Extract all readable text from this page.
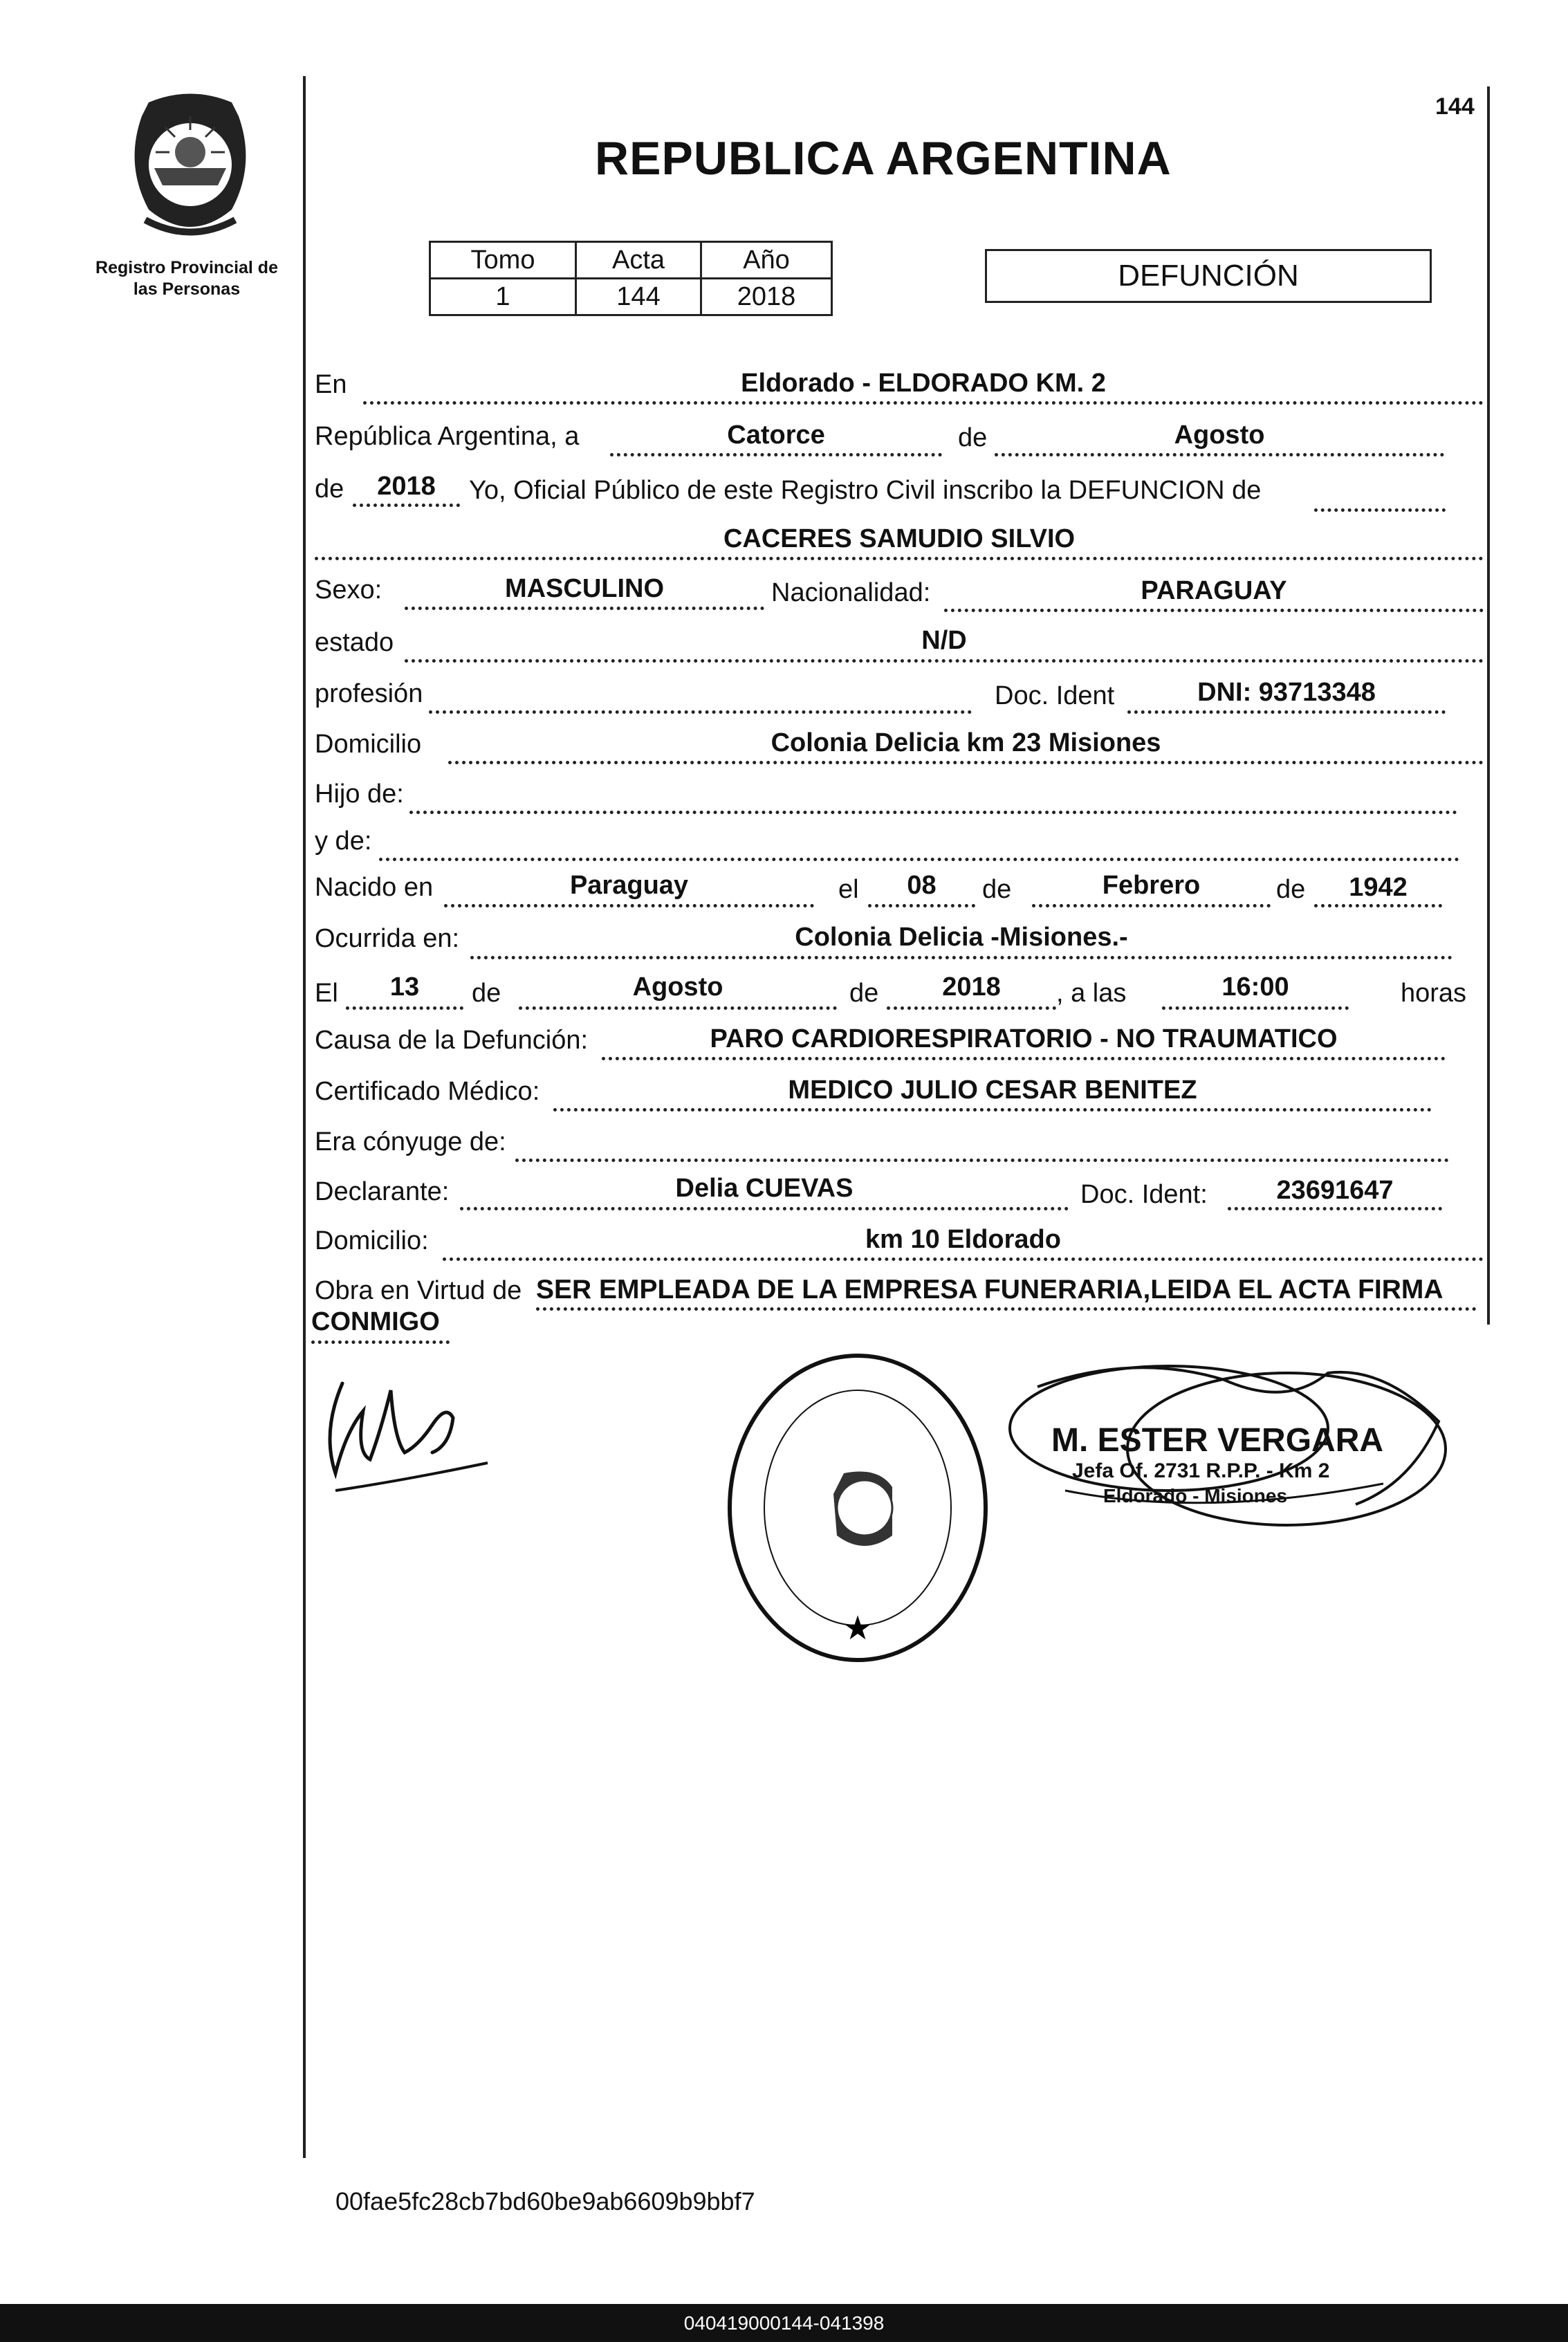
Registro Provincial de
las Personas
144
REPUBLICA ARGENTINA
Tomo	Acta	Año
1	144	2018
DEFUNCIÓN
En	Eldorado - ELDORADO KM. 2
República Argentina, a	Catorce	de	Agosto
de	2018	Yo, Oficial Público de este Registro Civil inscribo la DEFUNCION de
CACERES SAMUDIO SILVIO
Sexo:	MASCULINO	Nacionalidad:	PARAGUAY
estado	N/D
profesión	Doc. Ident	DNI: 93713348
Domicilio	Colonia Delicia km 23 Misiones
Hijo de:
y de:
Nacido en	Paraguay	el	08	de	Febrero	de	1942
Ocurrida en:	Colonia Delicia -Misiones.-
El	13	de	Agosto	de	2018	, a las	16:00	horas
Causa de la Defunción:	PARO CARDIORESPIRATORIO - NO TRAUMATICO
Certificado Médico:	MEDICO JULIO CESAR BENITEZ
Era cónyuge de:
Declarante:	Delia CUEVAS	Doc. Ident:	23691647
Domicilio:	km 10 Eldorado
Obra en Virtud de SER EMPLEADA DE LA EMPRESA FUNERARIA,LEIDA EL ACTA FIRMA
CONMIGO
★
M. ESTER VERGARA
Jefa Of. 2731 R.P.P. - Km 2
Eldorado - Misiones
00fae5fc28cb7bd60be9ab6609b9bbf7
040419000144-041398
